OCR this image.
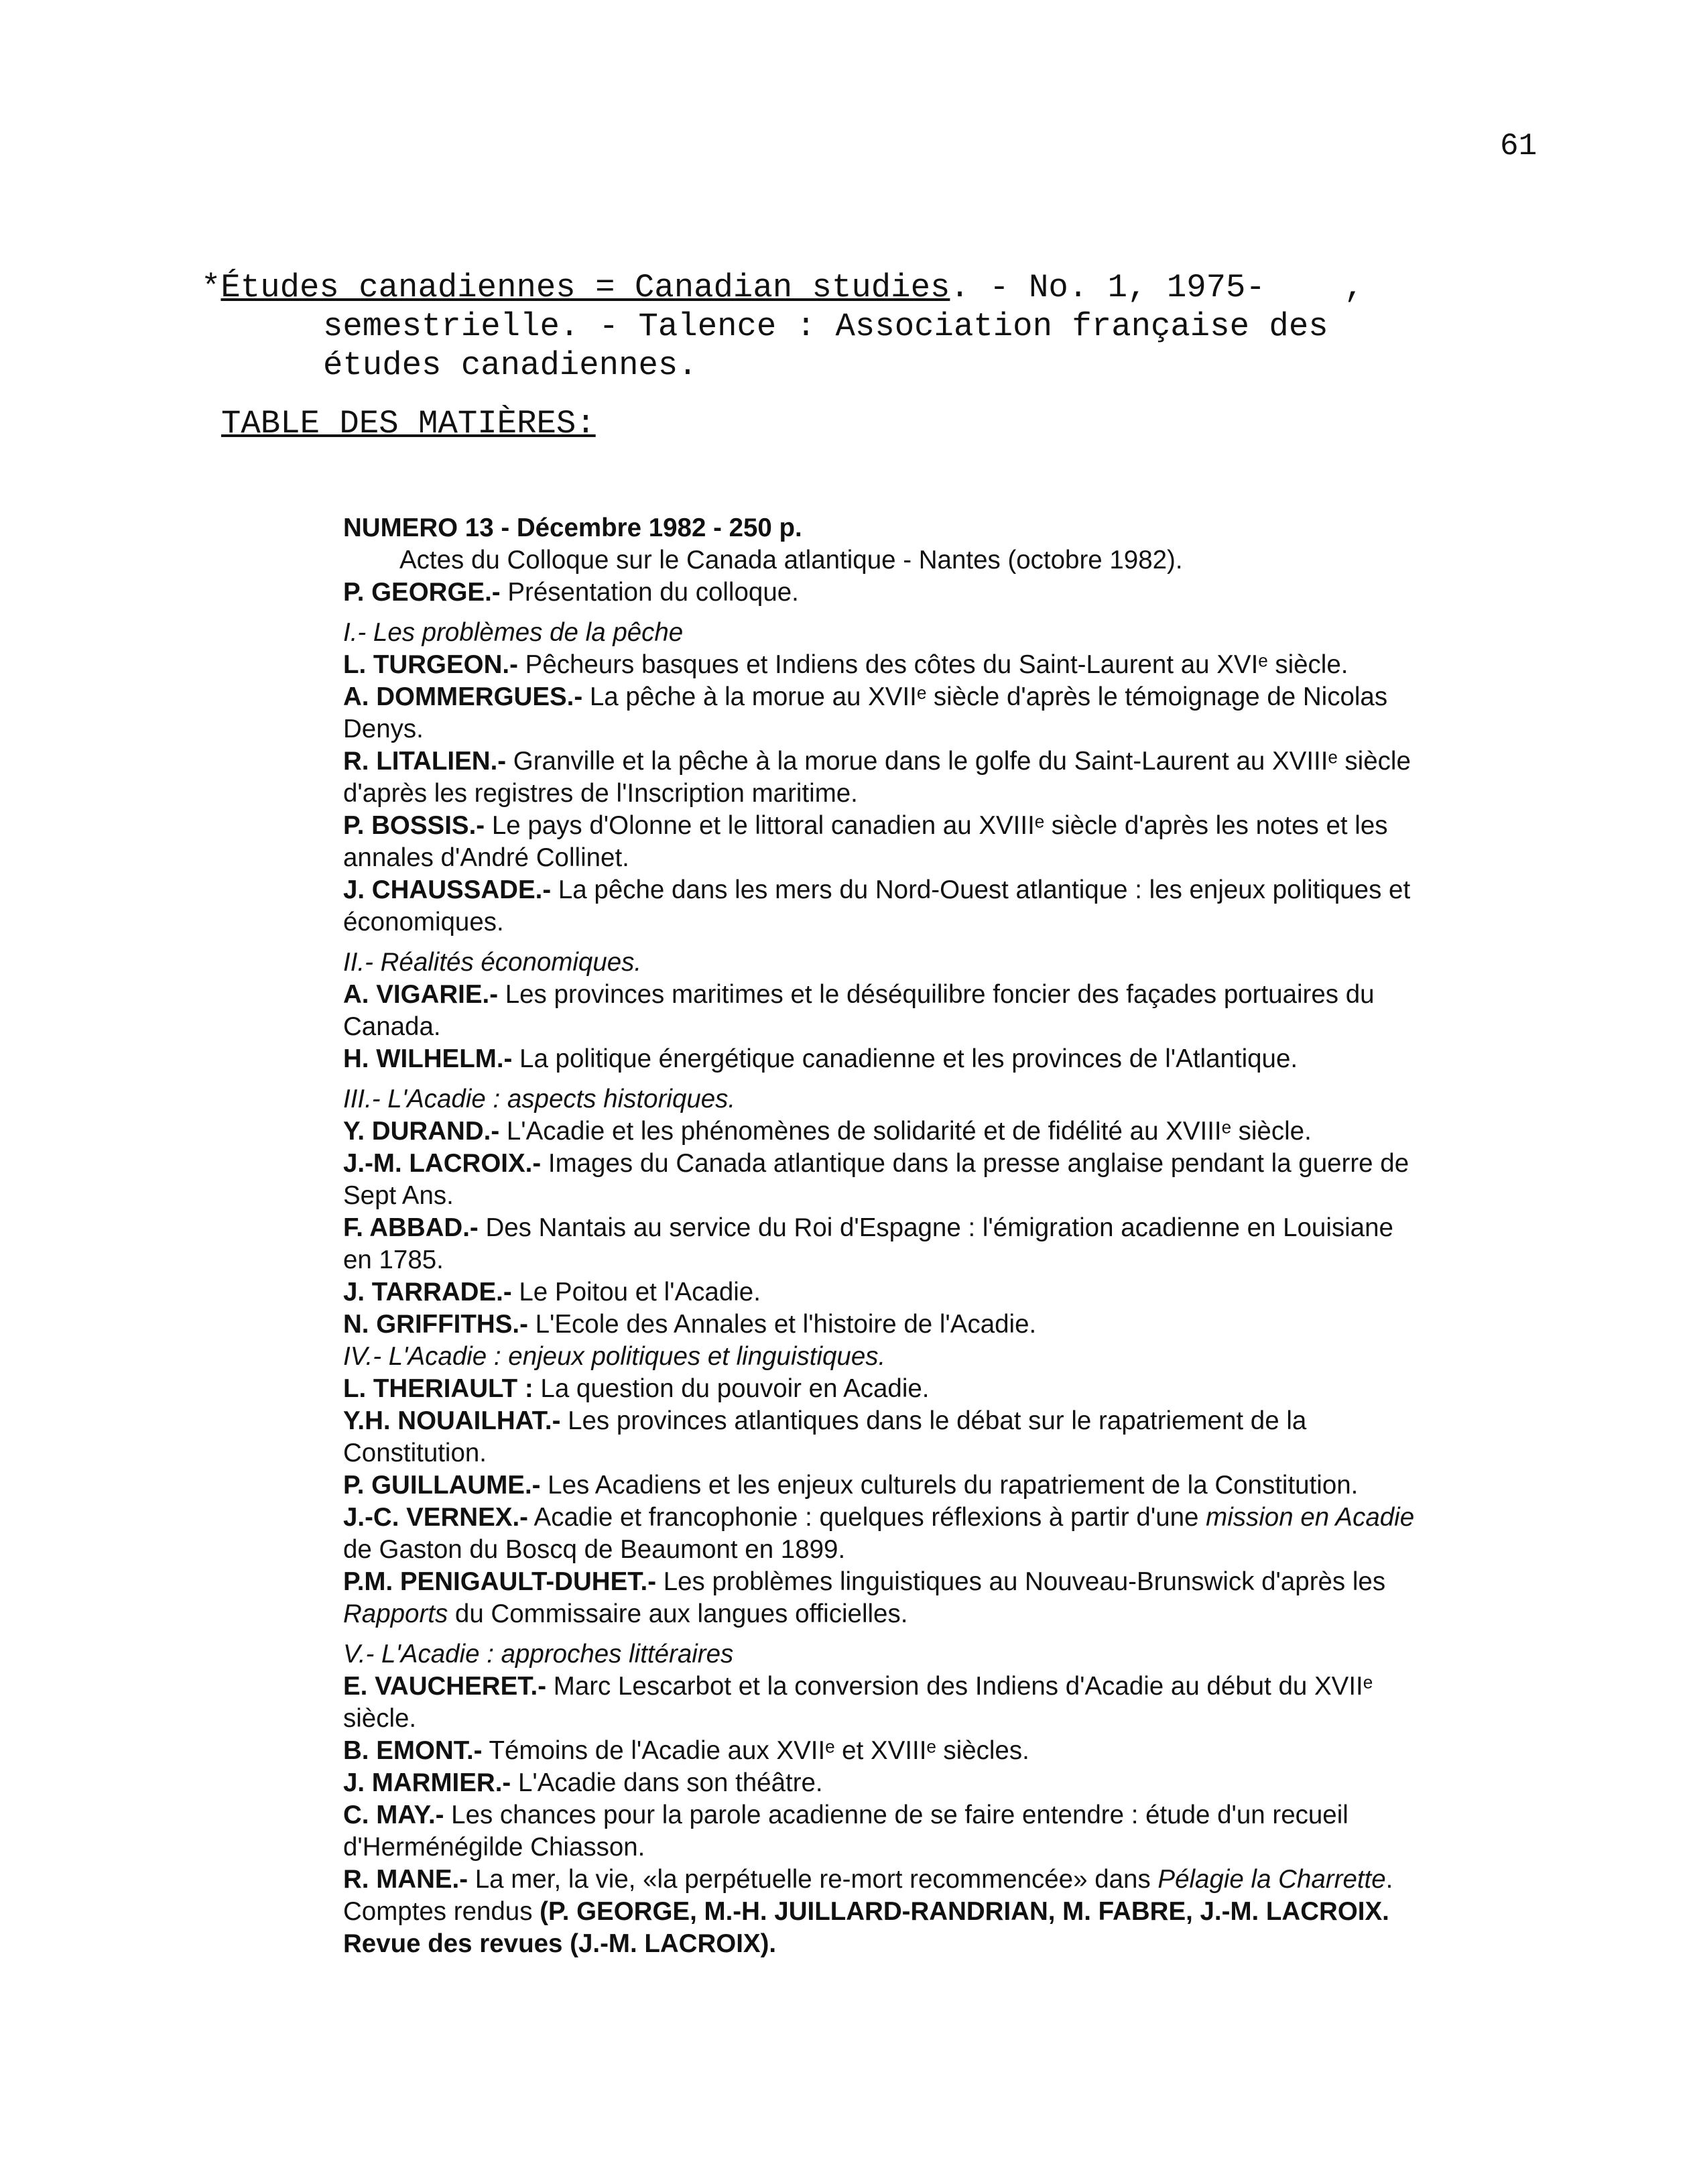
61
*Études canadiennes = Canadian studies. - No. 1, 1975-    ,
semestrielle. - Talence : Association française des
études canadiennes.
TABLE DES MATIÈRES:

NUMERO 13 - Décembre 1982 - 250 p.

Actes du Colloque sur le Canada atlantique - Nantes (octobre 1982).

P. GEORGE.- Présentation du colloque.

I.- Les problèmes de la pêche

L. TURGEON.- Pêcheurs basques et Indiens des côtes du Saint-Laurent au XVIᵉ siècle.

A. DOMMERGUES.- La pêche à la morue au XVIIᵉ siècle d'après le témoignage de Nicolas Denys.

R. LITALIEN.- Granville et la pêche à la morue dans le golfe du Saint-Laurent au XVIIIᵉ siècle d'après les registres de l'Inscription maritime.

P. BOSSIS.- Le pays d'Olonne et le littoral canadien au XVIIIᵉ siècle d'après les notes et les annales d'André Collinet.

J. CHAUSSADE.- La pêche dans les mers du Nord-Ouest atlantique : les enjeux politiques et économiques.

II.- Réalités économiques.

A. VIGARIE.- Les provinces maritimes et le déséquilibre foncier des façades portuaires du Canada.

H. WILHELM.- La politique énergétique canadienne et les provinces de l'Atlantique.

III.- L'Acadie : aspects historiques.

Y. DURAND.- L'Acadie et les phénomènes de solidarité et de fidélité au XVIIIᵉ siècle.

J.-M. LACROIX.- Images du Canada atlantique dans la presse anglaise pendant la guerre de Sept Ans.

F. ABBAD.- Des Nantais au service du Roi d'Espagne : l'émigration acadienne en Louisiane en 1785.

J. TARRADE.- Le Poitou et l'Acadie.

N. GRIFFITHS.- L'Ecole des Annales et l'histoire de l'Acadie.

IV.- L'Acadie : enjeux politiques et linguistiques.

L. THERIAULT : La question du pouvoir en Acadie.

Y.H. NOUAILHAT.- Les provinces atlantiques dans le débat sur le rapatriement de la Constitution.

P. GUILLAUME.- Les Acadiens et les enjeux culturels du rapatriement de la Constitution.

J.-C. VERNEX.- Acadie et francophonie : quelques réflexions à partir d'une mission en Acadie de Gaston du Boscq de Beaumont en 1899.

P.M. PENIGAULT-DUHET.- Les problèmes linguistiques au Nouveau-Brunswick d'après les Rapports du Commissaire aux langues officielles.

V.- L'Acadie : approches littéraires

E. VAUCHERET.- Marc Lescarbot et la conversion des Indiens d'Acadie au début du XVIIᵉ siècle.

B. EMONT.- Témoins de l'Acadie aux XVIIᵉ et XVIIIᵉ siècles.

J. MARMIER.- L'Acadie dans son théâtre.

C. MAY.- Les chances pour la parole acadienne de se faire entendre : étude d'un recueil d'Herménégilde Chiasson.

R. MANE.- La mer, la vie, «la perpétuelle re-mort recommencée» dans Pélagie la Charrette.

Comptes rendus (P. GEORGE, M.-H. JUILLARD-RANDRIAN, M. FABRE, J.-M. LACROIX.

Revue des revues (J.-M. LACROIX).
